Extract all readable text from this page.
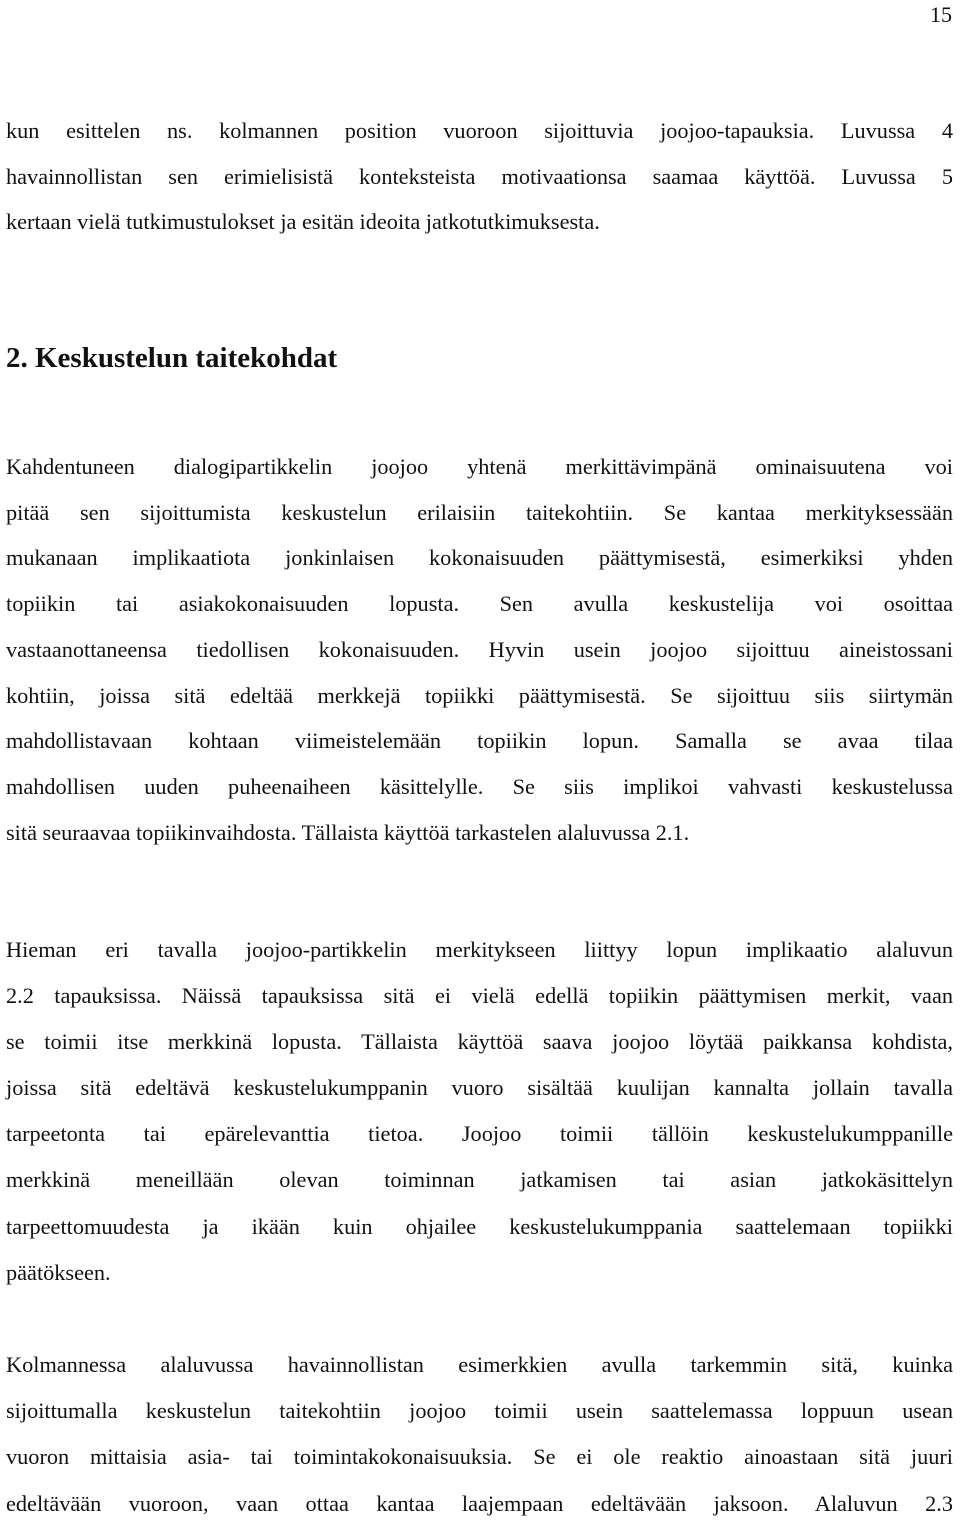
15
kun esittelen ns. kolmannen position vuoroon sijoittuvia joojoo-tapauksia. Luvussa 4
havainnollistan sen erimielisistä konteksteista motivaationsa saamaa käyttöä. Luvussa 5
kertaan vielä tutkimustulokset ja esitän ideoita jatkotutkimuksesta.
2. Keskustelun taitekohdat
Kahdentuneen dialogipartikkelin joojoo yhtenä merkittävimpänä ominaisuutena voi
pitää sen sijoittumista keskustelun erilaisiin taitekohtiin. Se kantaa merkityksessään
mukanaan implikaatiota jonkinlaisen kokonaisuuden päättymisestä, esimerkiksi yhden
topiikin tai asiakokonaisuuden lopusta. Sen avulla keskustelija voi osoittaa
vastaanottaneensa tiedollisen kokonaisuuden. Hyvin usein joojoo sijoittuu aineistossani
kohtiin, joissa sitä edeltää merkkejä topiikki päättymisestä. Se sijoittuu siis siirtymän
mahdollistavaan kohtaan viimeistelemään topiikin lopun. Samalla se avaa tilaa
mahdollisen uuden puheenaiheen käsittelylle. Se siis implikoi vahvasti keskustelussa
sitä seuraavaa topiikinvaihdosta. Tällaista käyttöä tarkastelen alaluvussa 2.1.
Hieman eri tavalla joojoo-partikkelin merkitykseen liittyy lopun implikaatio alaluvun
2.2 tapauksissa. Näissä tapauksissa sitä ei vielä edellä topiikin päättymisen merkit, vaan
se toimii itse merkkinä lopusta. Tällaista käyttöä saava joojoo löytää paikkansa kohdista,
joissa sitä edeltävä keskustelukumppanin vuoro sisältää kuulijan kannalta jollain tavalla
tarpeetonta tai epärelevanttia tietoa. Joojoo toimii tällöin keskustelukumppanille
merkkinä meneillään olevan toiminnan jatkamisen tai asian jatkokäsittelyn
tarpeettomuudesta ja ikään kuin ohjailee keskustelukumppania saattelemaan topiikki
päätökseen.
Kolmannessa alaluvussa havainnollistan esimerkkien avulla tarkemmin sitä, kuinka
sijoittumalla keskustelun taitekohtiin joojoo toimii usein saattelemassa loppuun usean
vuoron mittaisia asia- tai toimintakokonaisuuksia. Se ei ole reaktio ainoastaan sitä juuri
edeltävään vuoroon, vaan ottaa kantaa laajempaan edeltävään jaksoon. Alaluvun 2.3
